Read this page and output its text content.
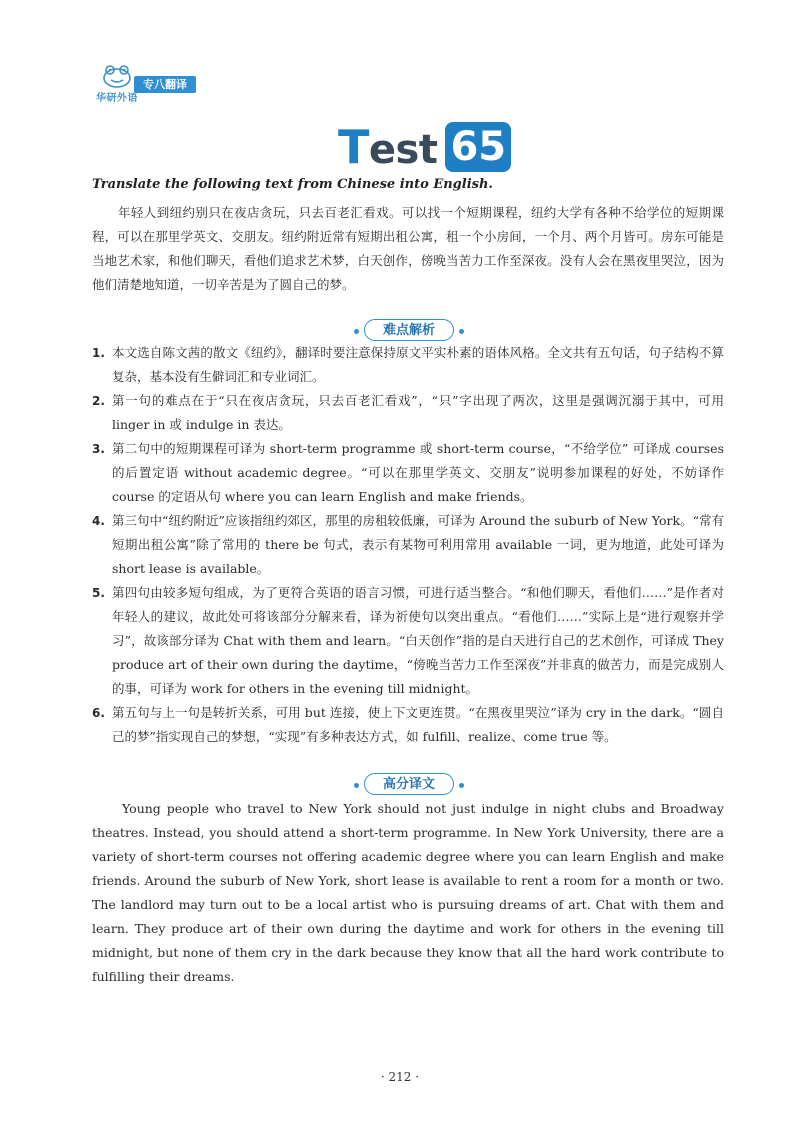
华研外语
专八翻译
Test 65
Translate the following text from Chinese into English.

年轻人到纽约别只在夜店贪玩，只去百老汇看戏。可以找一个短期课程，纽约大学有各种不给学位的短期课程，可以在那里学英文、交朋友。纽约附近常有短期出租公寓，租一个小房间，一个月、两个月皆可。房东可能是当地艺术家，和他们聊天，看他们追求艺术梦，白天创作，傍晚当苦力工作至深夜。没有人会在黑夜里哭泣，因为他们清楚地知道，一切辛苦是为了圆自己的梦。

难点解析
1. 本文选自陈文茜的散文《纽约》，翻译时要注意保持原文平实朴素的语体风格。全文共有五句话，句子结构不算复杂，基本没有生僻词汇和专业词汇。
2. 第一句的难点在于“只在夜店贪玩，只去百老汇看戏”，“只”字出现了两次，这里是强调沉溺于其中，可用 linger in 或 indulge in 表达。
3. 第二句中的短期课程可译为 short-term programme 或 short-term course，“不给学位” 可译成 courses 的后置定语 without academic degree。“可以在那里学英文、交朋友”说明参加课程的好处，不妨译作 course 的定语从句 where you can learn English and make friends。
4. 第三句中“纽约附近”应该指纽约郊区，那里的房租较低廉，可译为 Around the suburb of New York。“常有短期出租公寓”除了常用的 there be 句式，表示有某物可利用常用 available 一词，更为地道，此处可译为 short lease is available。
5. 第四句由较多短句组成，为了更符合英语的语言习惯，可进行适当整合。“和他们聊天，看他们……”是作者对年轻人的建议，故此处可将该部分分解来看，译为祈使句以突出重点。“看他们……”实际上是“进行观察并学习”，故该部分译为 Chat with them and learn。“白天创作”指的是白天进行自己的艺术创作，可译成 They produce art of their own during the daytime，“傍晚当苦力工作至深夜”并非真的做苦力，而是完成别人的事，可译为 work for others in the evening till midnight。
6. 第五句与上一句是转折关系，可用 but 连接，使上下文更连贯。“在黑夜里哭泣”译为 cry in the dark。“圆自己的梦”指实现自己的梦想，“实现”有多种表达方式，如 fulfill、realize、come true 等。
高分译文

Young people who travel to New York should not just indulge in night clubs and Broadway theatres. Instead, you should attend a short-term programme. In New York University, there are a variety of short-term courses not offering academic degree where you can learn English and make friends. Around the suburb of New York, short lease is available to rent a room for a month or two. The landlord may turn out to be a local artist who is pursuing dreams of art. Chat with them and learn. They produce art of their own during the daytime and work for others in the evening till midnight, but none of them cry in the dark because they know that all the hard work contribute to fulfilling their dreams.

· 212 ·
